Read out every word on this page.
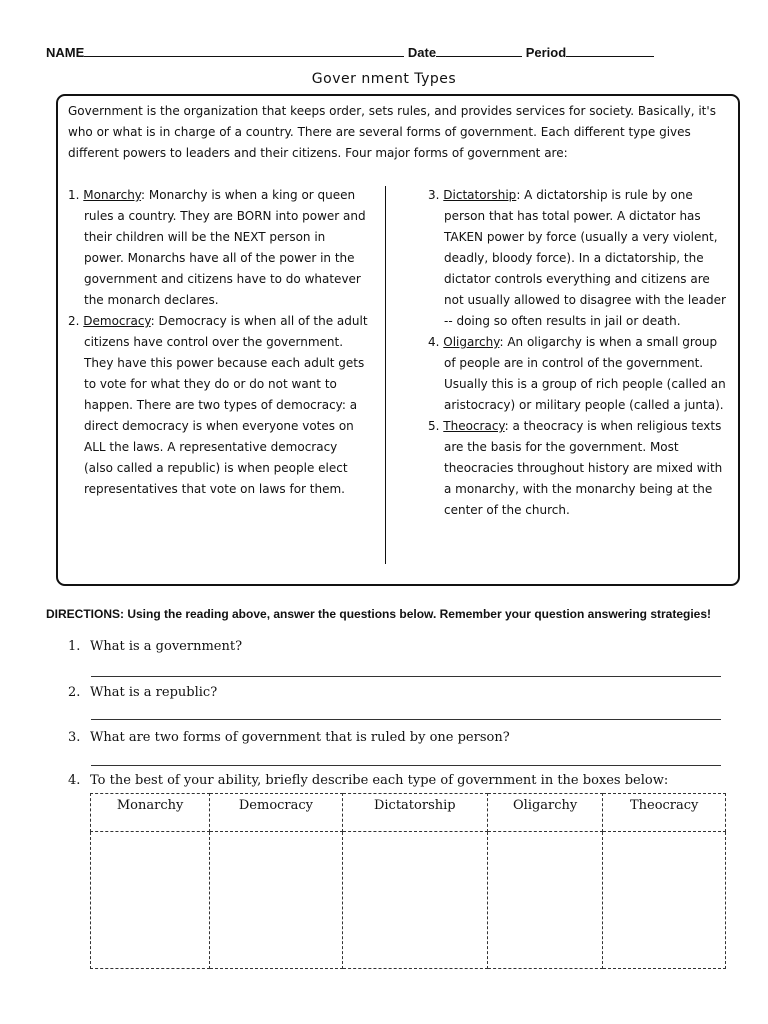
NAME	Date	Period
Gover nment Types
Government is the organization that keeps order, sets rules, and provides services for society. Basically, it's who or what is in charge of a country. There are several forms of government. Each different type gives different powers to leaders and their citizens. Four major forms of government are:

1. Monarchy: Monarchy is when a king or queen rules a country. They are BORN into power and their children will be the NEXT person in power. Monarchs have all of the power in the government and citizens have to do whatever the monarch declares.

2. Democracy: Democracy is when all of the adult citizens have control over the government. They have this power because each adult gets to vote for what they do or do not want to happen. There are two types of democracy: a direct democracy is when everyone votes on ALL the laws. A representative democracy (also called a republic) is when people elect representatives that vote on laws for them.

3. Dictatorship: A dictatorship is rule by one person that has total power. A dictator has TAKEN power by force (usually a very violent, deadly, bloody force). In a dictatorship, the dictator controls everything and citizens are not usually allowed to disagree with the leader -- doing so often results in jail or death.

4. Oligarchy: An oligarchy is when a small group of people are in control of the government. Usually this is a group of rich people (called an aristocracy) or military people (called a junta).

5. Theocracy: a theocracy is when religious texts are the basis for the government. Most theocracies throughout history are mixed with a monarchy, with the monarchy being at the center of the church.

DIRECTIONS: Using the reading above, answer the questions below. Remember your question answering strategies!
1. What is a government?
2. What is a republic?
3. What are two forms of government that is ruled by one person?
4. To the best of your ability, briefly describe each type of government in the boxes below:
Monarchy	Democracy	Dictatorship	Oligarchy	Theocracy
